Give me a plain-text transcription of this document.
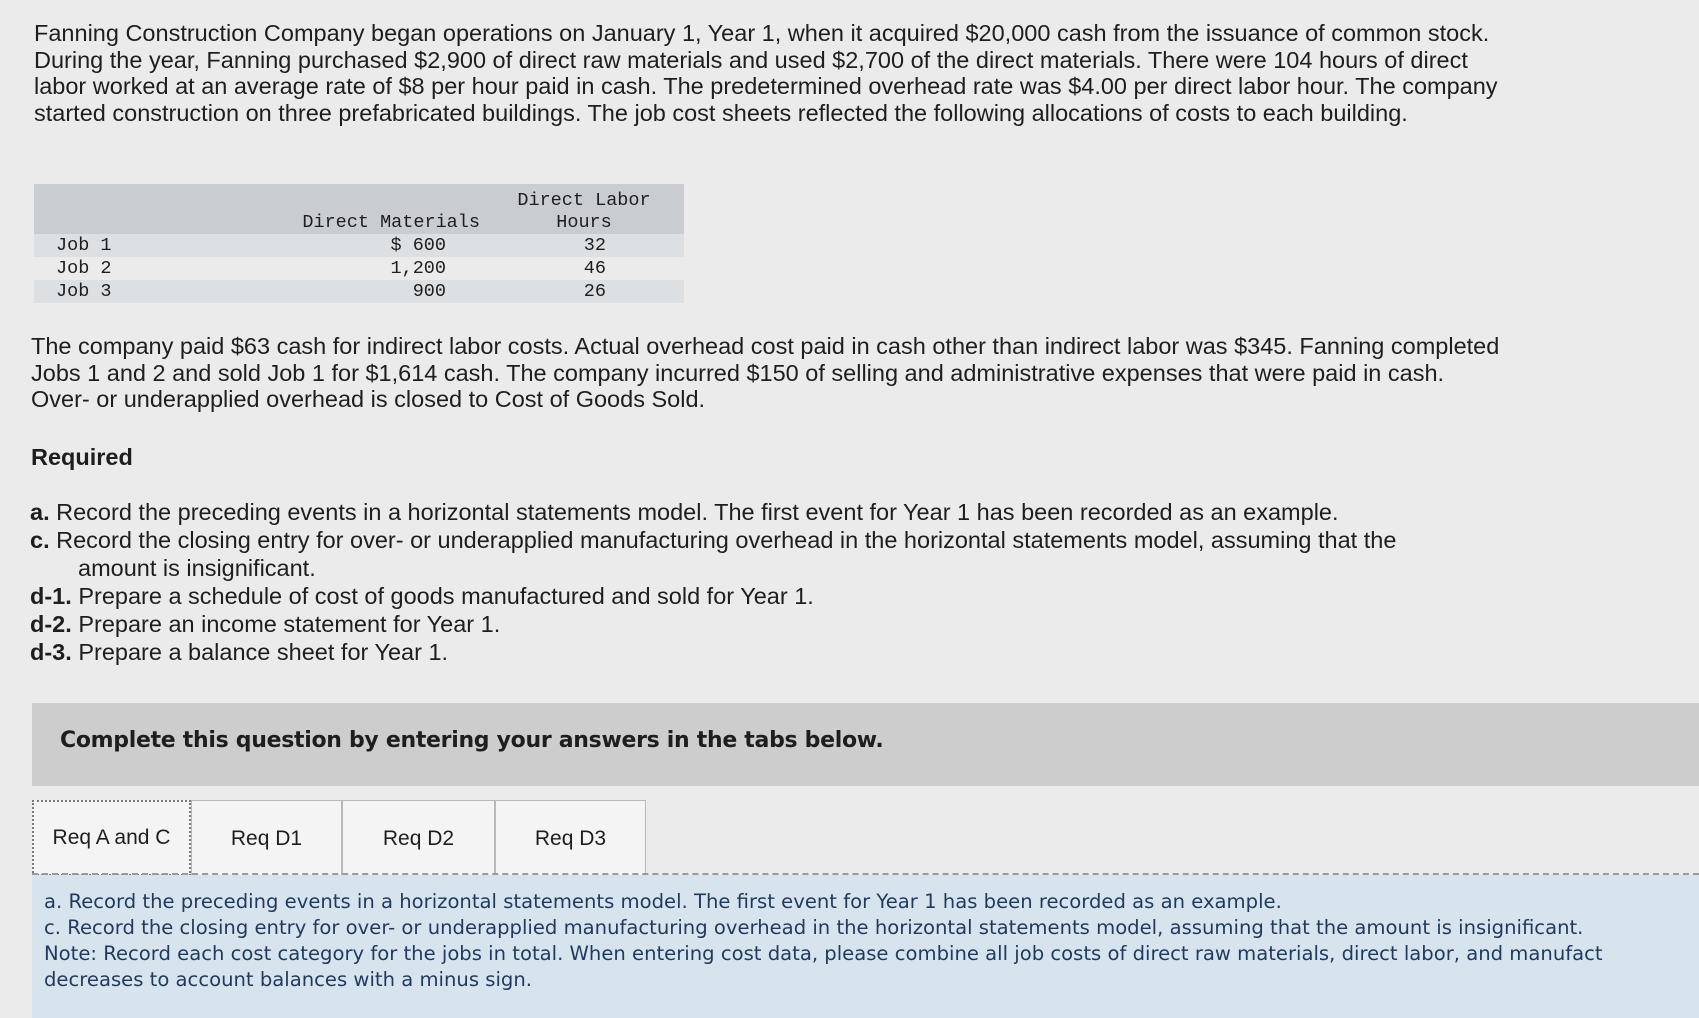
Fanning Construction Company began operations on January 1, Year 1, when it acquired $20,000 cash from the issuance of common stock. During the year, Fanning purchased $2,900 of direct raw materials and used $2,700 of the direct materials. There were 104 hours of direct labor worked at an average rate of $8 per hour paid in cash. The predetermined overhead rate was $4.00 per direct labor hour. The company started construction on three prefabricated buildings. The job cost sheets reflected the following allocations of costs to each building.

	Direct Materials	Direct Labor
Hours

Job 1	$ 600	32
Job 2	1,200	46
Job 3	900	26

The company paid $63 cash for indirect labor costs. Actual overhead cost paid in cash other than indirect labor was $345. Fanning completed Jobs 1 and 2 and sold Job 1 for $1,614 cash. The company incurred $150 of selling and administrative expenses that were paid in cash. Over- or underapplied overhead is closed to Cost of Goods Sold.

Required

a. Record the preceding events in a horizontal statements model. The first event for Year 1 has been recorded as an example.
c. Record the closing entry for over- or underapplied manufacturing overhead in the horizontal statements model, assuming that the
amount is insignificant.
d-1. Prepare a schedule of cost of goods manufactured and sold for Year 1.
d-2. Prepare an income statement for Year 1.
d-3. Prepare a balance sheet for Year 1.
Complete this question by entering your answers in the tabs below.
Req A and C	Req D1	Req D2	Req D3
a. Record the preceding events in a horizontal statements model. The first event for Year 1 has been recorded as an example.
c. Record the closing entry for over- or underapplied manufacturing overhead in the horizontal statements model, assuming that the amount is insignificant.
Note: Record each cost category for the jobs in total. When entering cost data, please combine all job costs of direct raw materials, direct labor, and manufact
decreases to account balances with a minus sign.
